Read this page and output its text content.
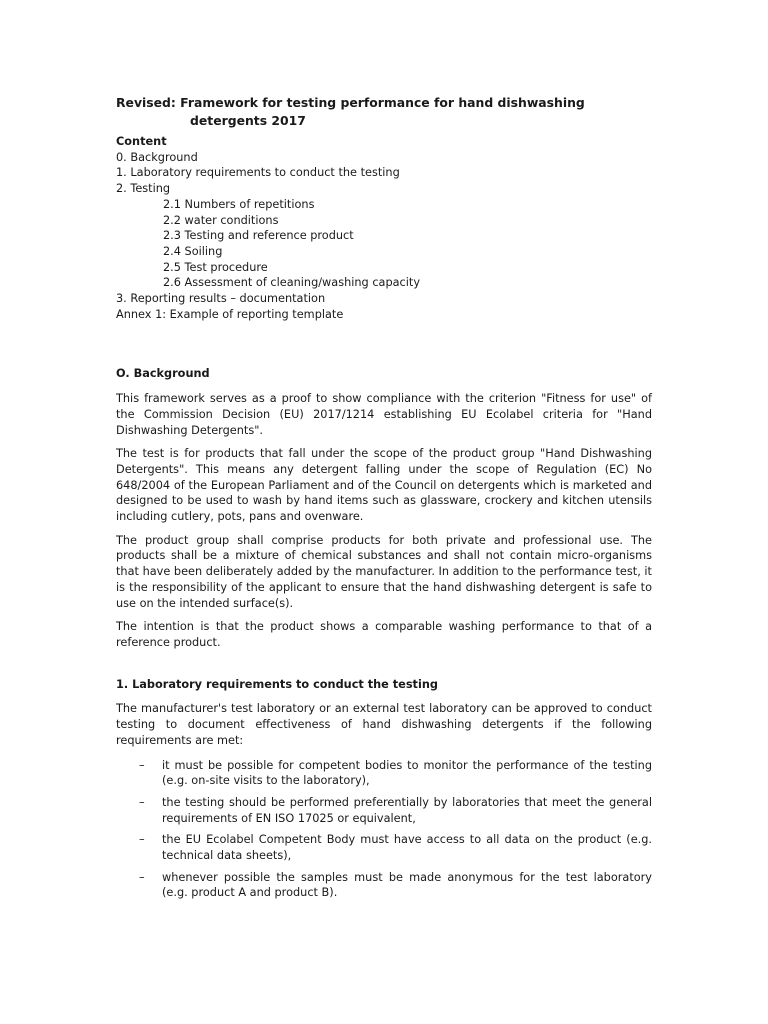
Revised: Framework for testing performance for hand dishwashing
detergents 2017
Content
0. Background
1. Laboratory requirements to conduct the testing
2. Testing
2.1 Numbers of repetitions
2.2 water conditions
2.3 Testing and reference product
2.4 Soiling
2.5 Test procedure
2.6 Assessment of cleaning/washing capacity
3. Reporting results – documentation
Annex 1: Example of reporting template
O. Background

This framework serves as a proof to show compliance with the criterion "Fitness for use" of the Commission Decision (EU) 2017/1214 establishing EU Ecolabel criteria for "Hand Dishwashing Detergents".

The test is for products that fall under the scope of the product group "Hand Dishwashing Detergents". This means any detergent falling under the scope of Regulation (EC) No 648/2004 of the European Parliament and of the Council on detergents which is marketed and designed to be used to wash by hand items such as glassware, crockery and kitchen utensils including cutlery, pots, pans and ovenware.

The product group shall comprise products for both private and professional use. The products shall be a mixture of chemical substances and shall not contain micro-organisms that have been deliberately added by the manufacturer. In addition to the performance test, it is the responsibility of the applicant to ensure that the hand dishwashing detergent is safe to use on the intended surface(s).

The intention is that the product shows a comparable washing performance to that of a reference product.

1. Laboratory requirements to conduct the testing

The manufacturer's test laboratory or an external test laboratory can be approved to conduct testing to document effectiveness of hand dishwashing detergents if the following requirements are met:

– it must be possible for competent bodies to monitor the performance of the testing (e.g. on-site visits to the laboratory),
– the testing should be performed preferentially by laboratories that meet the general requirements of EN ISO 17025 or equivalent,
– the EU Ecolabel Competent Body must have access to all data on the product (e.g. technical data sheets),
– whenever possible the samples must be made anonymous for the test laboratory (e.g. product A and product B).
